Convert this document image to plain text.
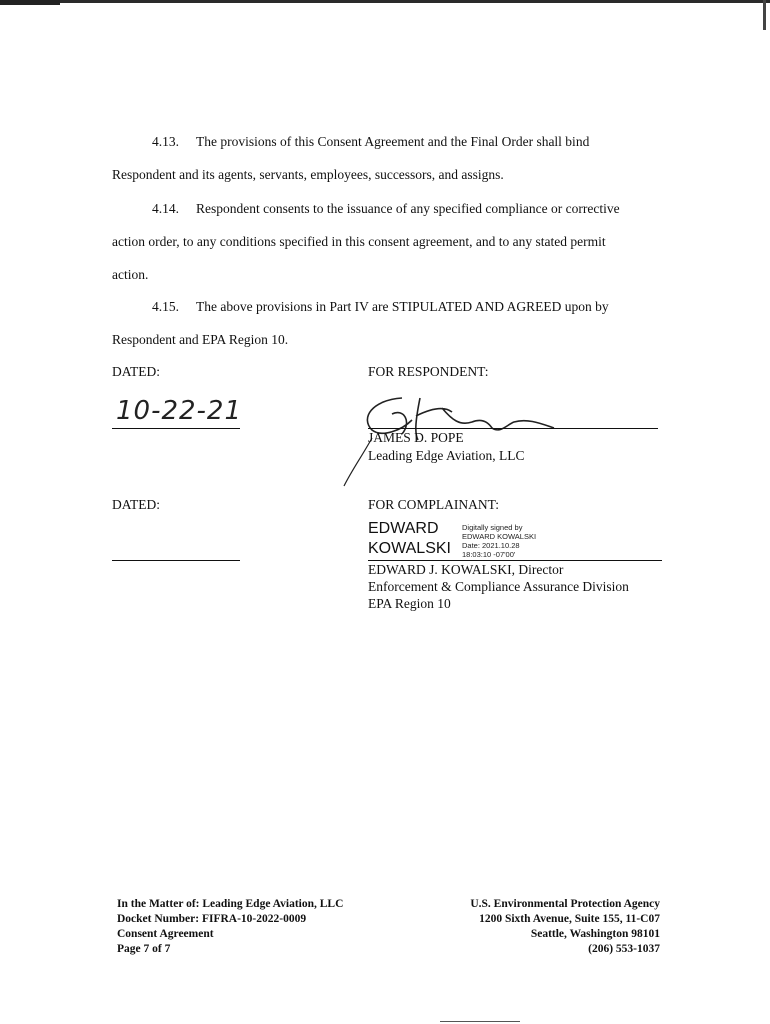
4.13. The provisions of this Consent Agreement and the Final Order shall bind
Respondent and its agents, servants, employees, successors, and assigns.
4.14. Respondent consents to the issuance of any specified compliance or corrective
action order, to any conditions specified in this consent agreement, and to any stated permit
action.
4.15. The above provisions in Part IV are STIPULATED AND AGREED upon by
Respondent and EPA Region 10.
DATED:
10-22-21
FOR RESPONDENT:
JAMES D. POPE
Leading Edge Aviation, LLC
DATED:	FOR COMPLAINANT:
EDWARD
KOWALSKI
Digitally signed by
EDWARD KOWALSKI
Date: 2021.10.28
18:03:10 -07'00'
EDWARD J. KOWALSKI, Director
Enforcement & Compliance Assurance Division
EPA Region 10
In the Matter of: Leading Edge Aviation, LLC
Docket Number: FIFRA-10-2022-0009
Consent Agreement
Page 7 of 7
U.S. Environmental Protection Agency
1200 Sixth Avenue, Suite 155, 11-C07
Seattle, Washington 98101
(206) 553-1037
